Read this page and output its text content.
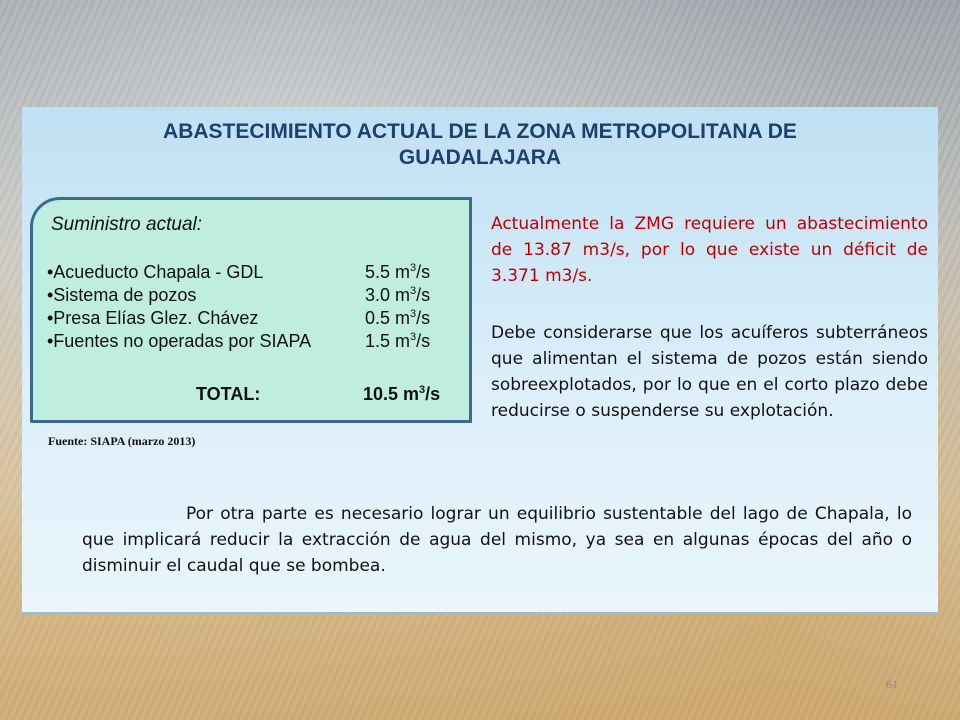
ABASTECIMIENTO ACTUAL DE LA ZONA METROPOLITANA DE
GUADALAJARA
Suministro actual:
•Acueducto Chapala - GDL	5.5 $m^3/s$
•Sistema de pozos	3.0 $m^3/s$
•Presa Elías Glez. Chávez	0.5 $m^3/s$
•Fuentes no operadas por SIAPA	1.5 $m^3/s$
TOTAL:	10.5 $m^3/s$
Fuente: SIAPA (marzo 2013)
Actualmente la ZMG requiere un abastecimiento de 13.87 m3/s, por lo que existe un déficit de 3.371 m3/s.
Debe considerarse que los acuíferos subterráneos que alimentan el sistema de pozos están siendo sobreexplotados, por lo que en el corto plazo debe reducirse o suspenderse su explotación.
Por otra parte es necesario lograr un equilibrio sustentable del lago de Chapala, lo que implicará reducir la extracción de agua del mismo, ya sea en algunas épocas del año o disminuir el caudal que se bombea.
61
